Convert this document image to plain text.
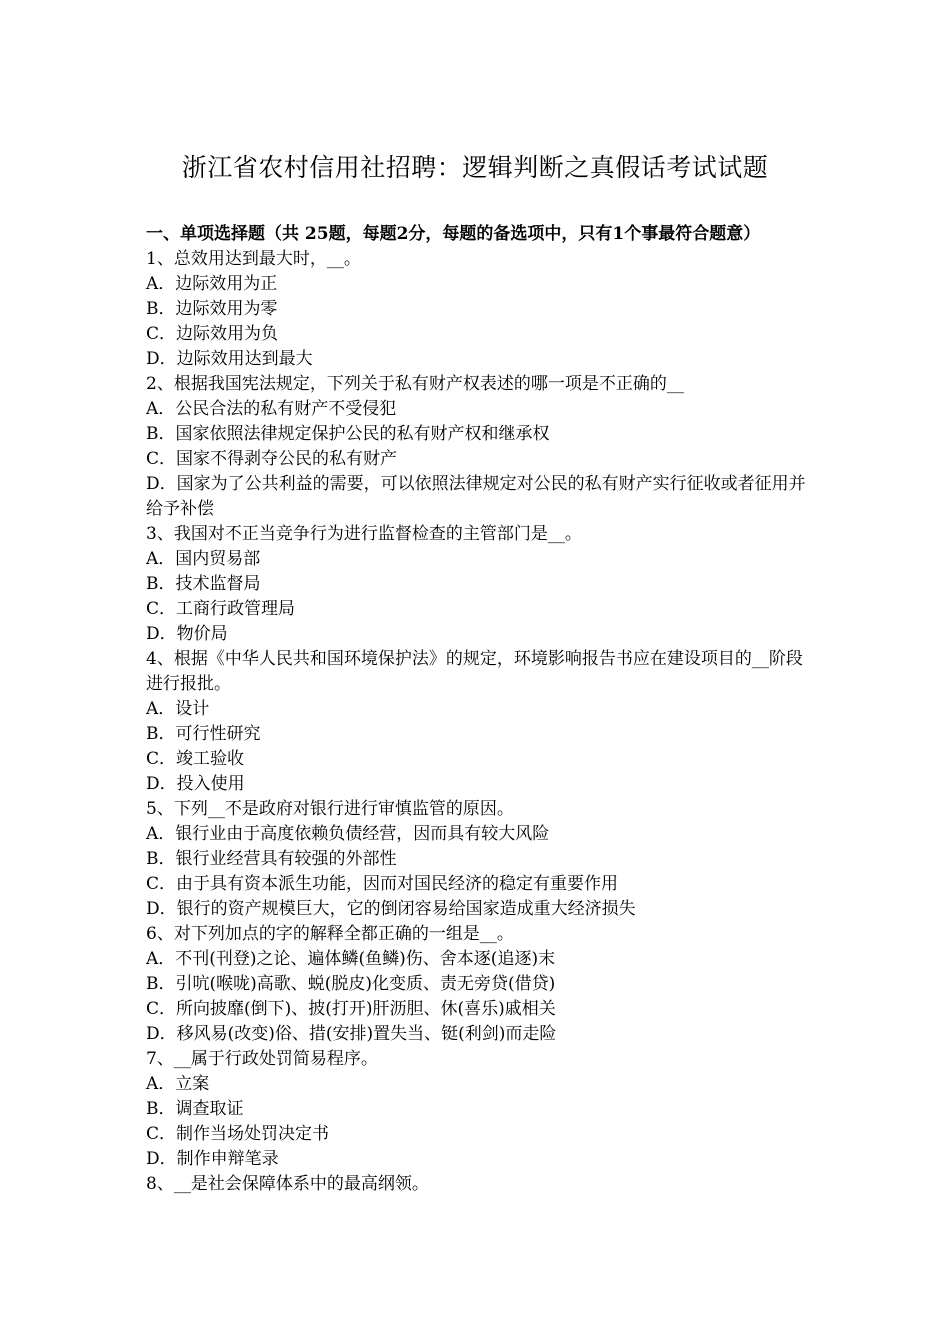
浙江省农村信用社招聘：逻辑判断之真假话考试试题

一、单项选择题（共 25题，每题2分，每题的备选项中，只有1个事最符合题意）

1、总效用达到最大时，__。

A．边际效用为正

B．边际效用为零

C．边际效用为负

D．边际效用达到最大

2、根据我国宪法规定，下列关于私有财产权表述的哪一项是不正确的__

A．公民合法的私有财产不受侵犯

B．国家依照法律规定保护公民的私有财产权和继承权

C．国家不得剥夺公民的私有财产

D．国家为了公共利益的需要，可以依照法律规定对公民的私有财产实行征收或者征用并给予补偿

3、我国对不正当竞争行为进行监督检查的主管部门是__。

A．国内贸易部

B．技术监督局

C．工商行政管理局

D．物价局

4、根据《中华人民共和国环境保护法》的规定，环境影响报告书应在建设项目的__阶段进行报批。

A．设计

B．可行性研究

C．竣工验收

D．投入使用

5、下列__不是政府对银行进行审慎监管的原因。

A．银行业由于高度依赖负债经营，因而具有较大风险

B．银行业经营具有较强的外部性

C．由于具有资本派生功能，因而对国民经济的稳定有重要作用

D．银行的资产规模巨大，它的倒闭容易给国家造成重大经济损失

6、对下列加点的字的解释全都正确的一组是__。

A．不刊(刊登)之论、遍体鳞(鱼鳞)伤、舍本逐(追逐)末

B．引吭(喉咙)高歌、蜕(脱皮)化变质、责无旁贷(借贷)

C．所向披靡(倒下)、披(打开)肝沥胆、休(喜乐)戚相关

D．移风易(改变)俗、措(安排)置失当、铤(利剑)而走险

7、__属于行政处罚简易程序。

A．立案

B．调查取证

C．制作当场处罚决定书

D．制作申辩笔录

8、__是社会保障体系中的最高纲领。
